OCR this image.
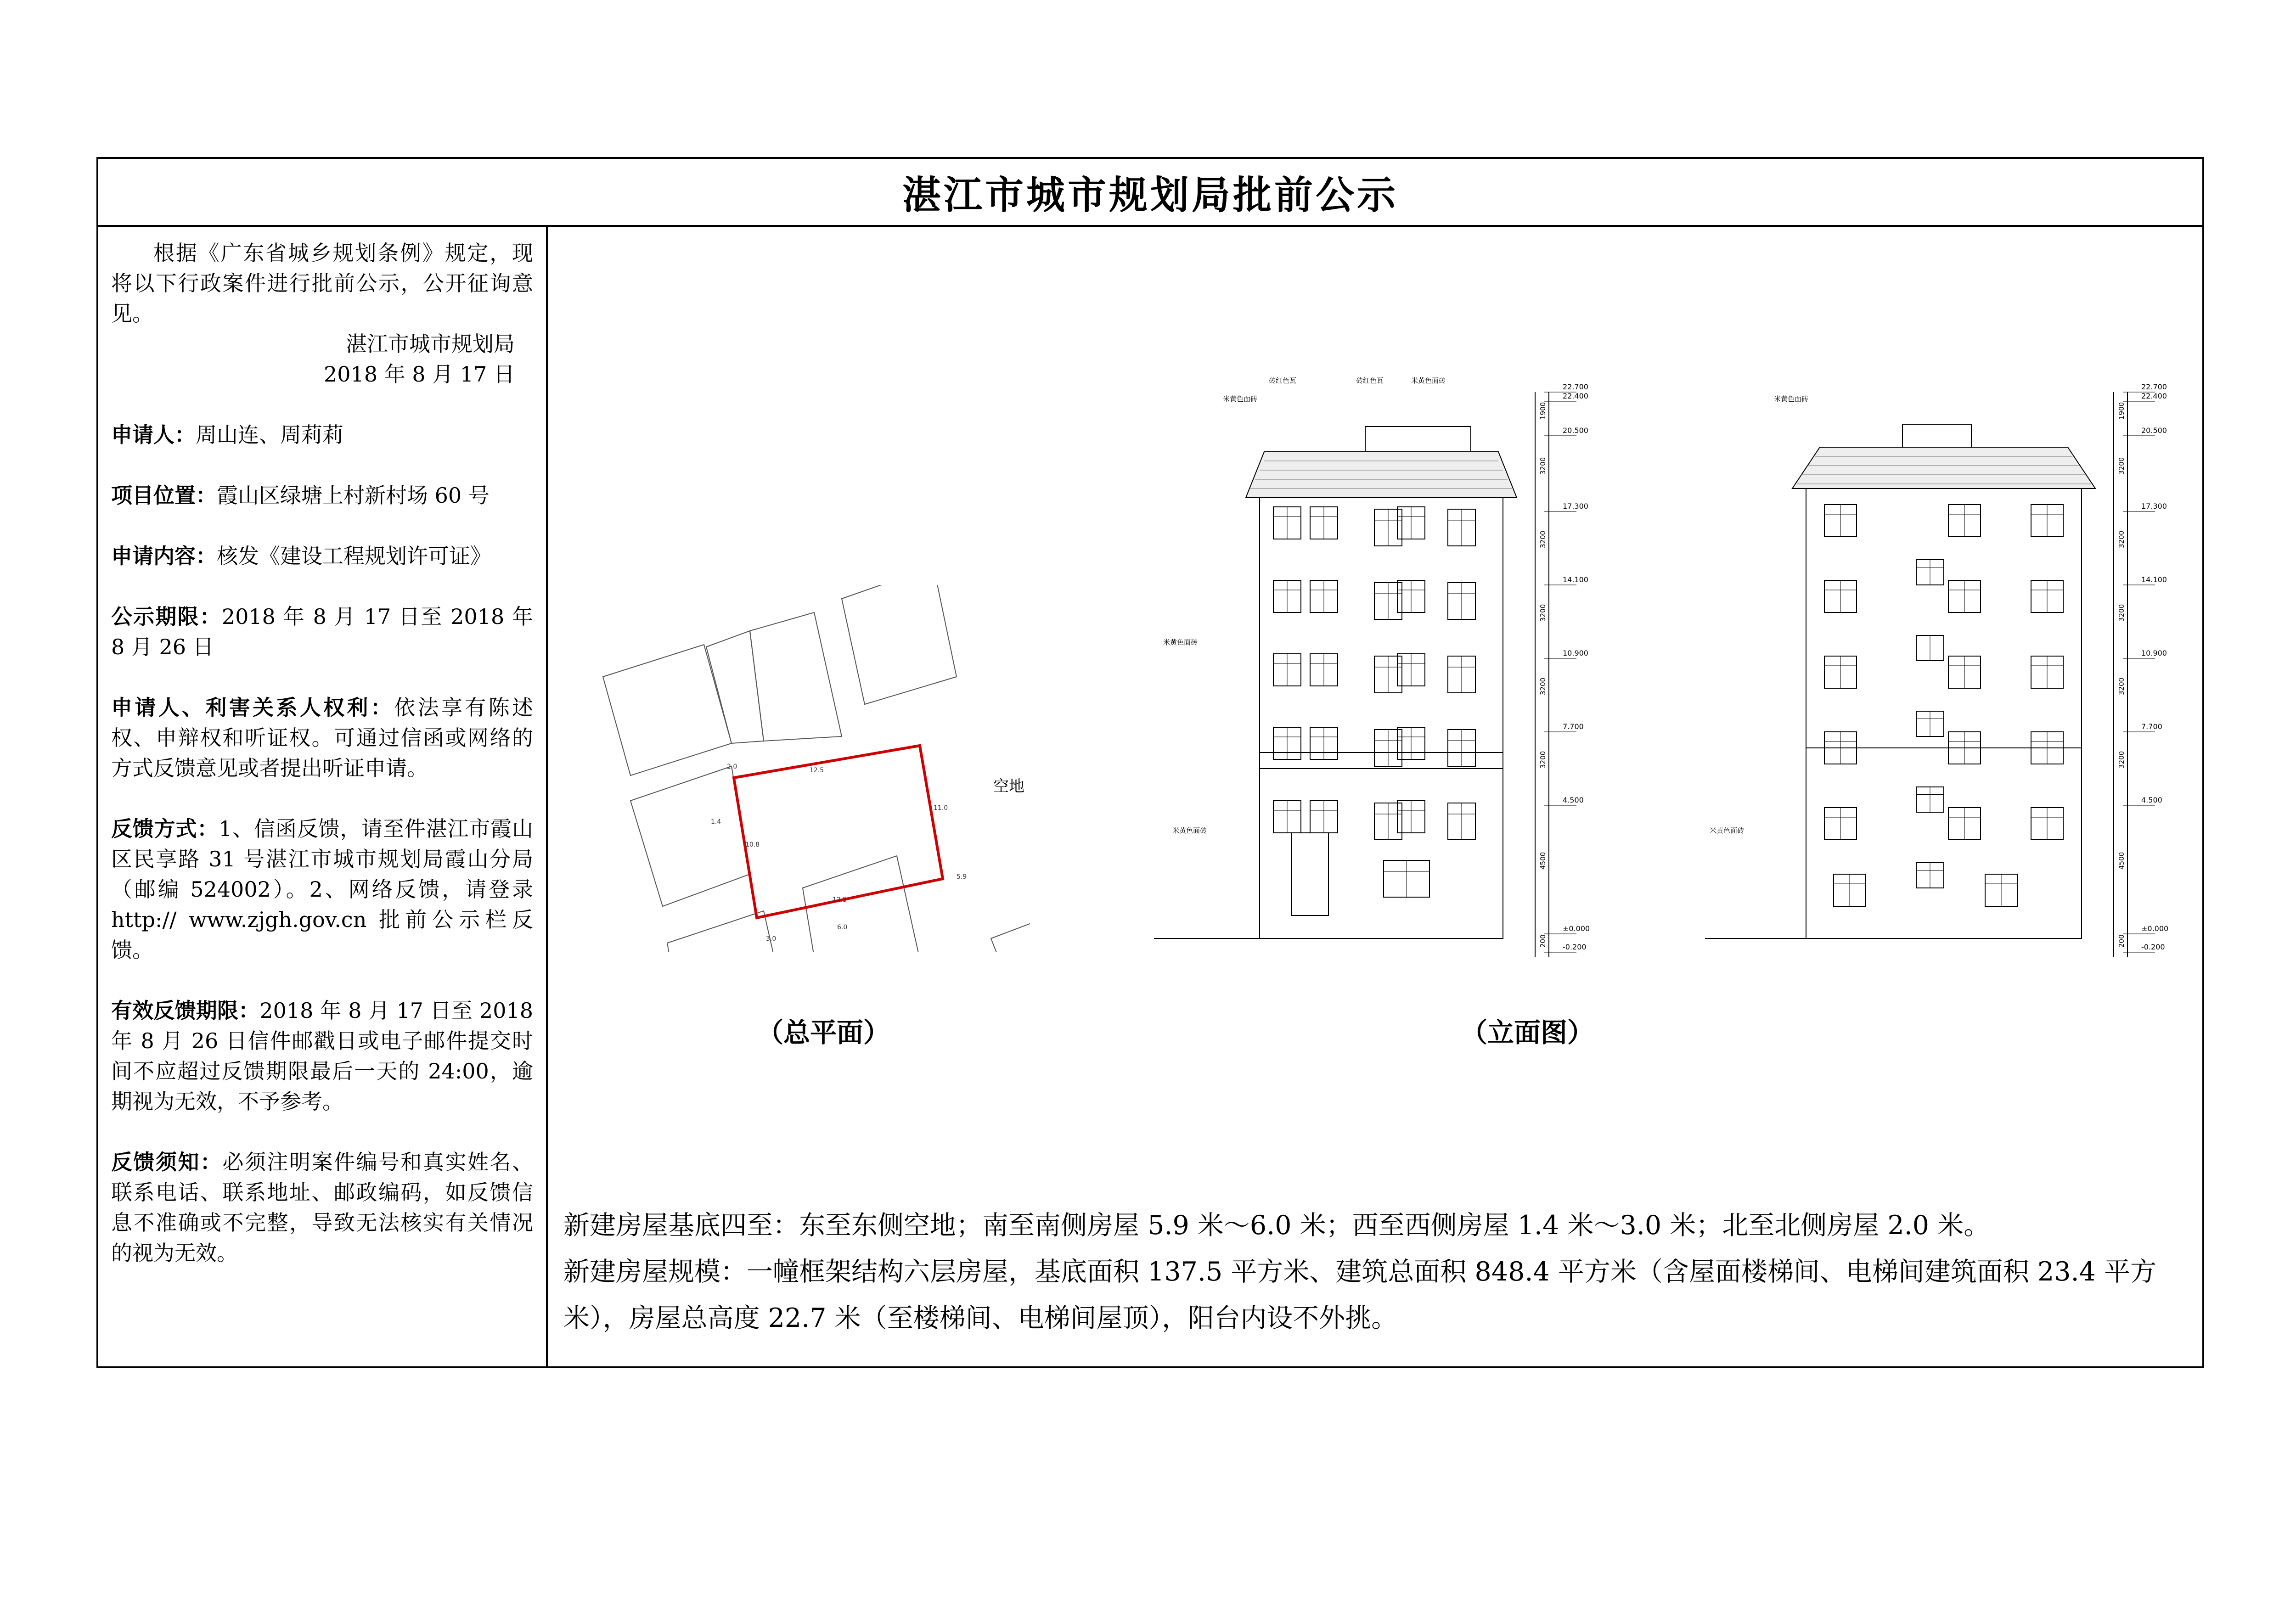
湛江市城市规划局批前公示

根据《广东省城乡规划条例》规定，现将以下行政案件进行批前公示，公开征询意见。

湛江市城市规划局

2018 年 8 月 17 日

申请人：周山连、周莉莉

项目位置：霞山区绿塘上村新村场 60 号

申请内容：核发《建设工程规划许可证》

公示期限：2018 年 8 月 17 日至 2018 年 8 月 26 日

申请人、利害关系人权利：依法享有陈述权、申辩权和听证权。可通过信函或网络的方式反馈意见或者提出听证申请。

反馈方式：1、信函反馈，请至件湛江市霞山区民享路 31 号湛江市城市规划局霞山分局（邮编 524002）。2、网络反馈，请登录 http:// www.zjgh.gov.cn 批前公示栏反馈。

有效反馈期限：2018 年 8 月 17 日至 2018 年 8 月 26 日信件邮戳日或电子邮件提交时间不应超过反馈期限最后一天的 24:00，逾期视为无效，不予参考。

反馈须知：必须注明案件编号和真实姓名、联系电话、联系地址、邮政编码，如反馈信息不准确或不完整，导致无法核实有关情况的视为无效。

12.5
12.5
10.8
11.0
2.0
1.4
3.0
5.9
6.0
空地
（总平面）
砖红色瓦	砖红色瓦	米黄色面砖
米黄色面砖
米黄色面砖
米黄色面砖
22.700
22.400
20.500
17.300
14.100
10.900
7.700
4.500
±0.000
-0.200
1900
3200
3200
3200
3200
3200
4500
200
米黄色面砖
米黄色面砖
22.700
22.400
20.500
17.300
14.100
10.900
7.700
4.500
±0.000
-0.200
1900
3200
3200
3200
3200
3200
4500
200
（立面图）

新建房屋基底四至：东至东侧空地；南至南侧房屋 5.9 米～6.0 米；西至西侧房屋 1.4 米～3.0 米；北至北侧房屋 2.0 米。

新建房屋规模：一幢框架结构六层房屋，基底面积 137.5 平方米、建筑总面积 848.4 平方米（含屋面楼梯间、电梯间建筑面积 23.4 平方米），房屋总高度 22.7 米（至楼梯间、电梯间屋顶），阳台内设不外挑。
